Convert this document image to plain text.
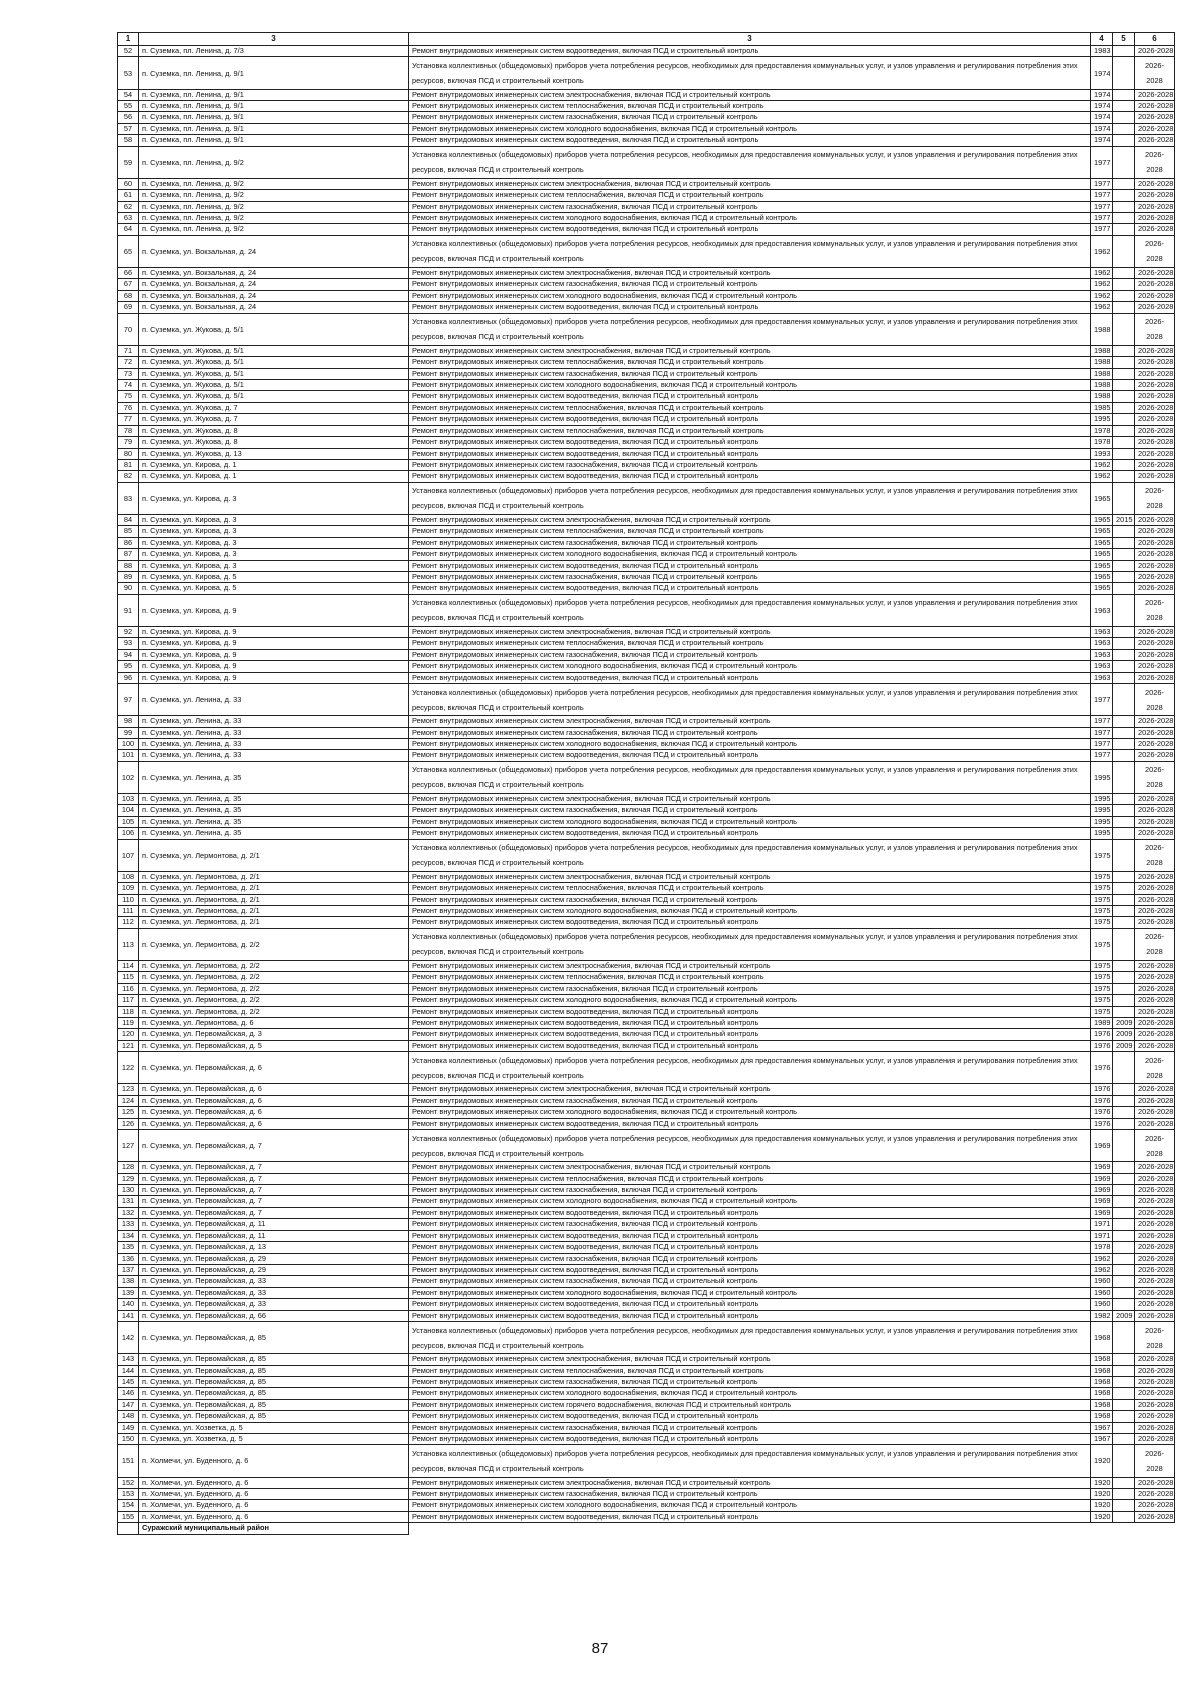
1	3	3	4	5	6	
52	п. Суземка, пл. Ленина, д. 7/3	Ремонт внутридомовых инженерных систем водоотведения, включая ПСД и строительный контроль	1983		2026-2028	
53	п. Суземка, пл. Ленина, д. 9/1	Установка коллективных (общедомовых) приборов учета потребления ресурсов, необходимых для предоставления коммунальных услуг, и узлов управления и регулирования потребления этих ресурсов, включая ПСД и строительный контроль	1974		2026-2028	
54	п. Суземка, пл. Ленина, д. 9/1	Ремонт внутридомовых инженерных систем электроснабжения, включая ПСД и строительный контроль	1974		2026-2028	
55	п. Суземка, пл. Ленина, д. 9/1	Ремонт внутридомовых инженерных систем теплоснабжения, включая ПСД и строительный контроль	1974		2026-2028	
56	п. Суземка, пл. Ленина, д. 9/1	Ремонт внутридомовых инженерных систем газоснабжения, включая ПСД и строительный контроль	1974		2026-2028	
57	п. Суземка, пл. Ленина, д. 9/1	Ремонт внутридомовых инженерных систем холодного водоснабжения, включая ПСД и строительный контроль	1974		2026-2028	
58	п. Суземка, пл. Ленина, д. 9/1	Ремонт внутридомовых инженерных систем водоотведения, включая ПСД и строительный контроль	1974		2026-2028	
59	п. Суземка, пл. Ленина, д. 9/2	Установка коллективных (общедомовых) приборов учета потребления ресурсов, необходимых для предоставления коммунальных услуг, и узлов управления и регулирования потребления этих ресурсов, включая ПСД и строительный контроль	1977		2026-2028	
60	п. Суземка, пл. Ленина, д. 9/2	Ремонт внутридомовых инженерных систем электроснабжения, включая ПСД и строительный контроль	1977		2026-2028	
61	п. Суземка, пл. Ленина, д. 9/2	Ремонт внутридомовых инженерных систем теплоснабжения, включая ПСД и строительный контроль	1977		2026-2028	
62	п. Суземка, пл. Ленина, д. 9/2	Ремонт внутридомовых инженерных систем газоснабжения, включая ПСД и строительный контроль	1977		2026-2028	
63	п. Суземка, пл. Ленина, д. 9/2	Ремонт внутридомовых инженерных систем холодного водоснабжения, включая ПСД и строительный контроль	1977		2026-2028	
64	п. Суземка, пл. Ленина, д. 9/2	Ремонт внутридомовых инженерных систем водоотведения, включая ПСД и строительный контроль	1977		2026-2028	
65	п. Суземка, ул. Вокзальная, д. 24	Установка коллективных (общедомовых) приборов учета потребления ресурсов, необходимых для предоставления коммунальных услуг, и узлов управления и регулирования потребления этих ресурсов, включая ПСД и строительный контроль	1962		2026-2028	
66	п. Суземка, ул. Вокзальная, д. 24	Ремонт внутридомовых инженерных систем электроснабжения, включая ПСД и строительный контроль	1962		2026-2028	
67	п. Суземка, ул. Вокзальная, д. 24	Ремонт внутридомовых инженерных систем газоснабжения, включая ПСД и строительный контроль	1962		2026-2028	
68	п. Суземка, ул. Вокзальная, д. 24	Ремонт внутридомовых инженерных систем холодного водоснабжения, включая ПСД и строительный контроль	1962		2026-2028	
69	п. Суземка, ул. Вокзальная, д. 24	Ремонт внутридомовых инженерных систем водоотведения, включая ПСД и строительный контроль	1962		2026-2028	
70	п. Суземка, ул. Жукова, д. 5/1	Установка коллективных (общедомовых) приборов учета потребления ресурсов, необходимых для предоставления коммунальных услуг, и узлов управления и регулирования потребления этих ресурсов, включая ПСД и строительный контроль	1988		2026-2028	
71	п. Суземка, ул. Жукова, д. 5/1	Ремонт внутридомовых инженерных систем электроснабжения, включая ПСД и строительный контроль	1988		2026-2028	
72	п. Суземка, ул. Жукова, д. 5/1	Ремонт внутридомовых инженерных систем теплоснабжения, включая ПСД и строительный контроль	1988		2026-2028	
73	п. Суземка, ул. Жукова, д. 5/1	Ремонт внутридомовых инженерных систем газоснабжения, включая ПСД и строительный контроль	1988		2026-2028	
74	п. Суземка, ул. Жукова, д. 5/1	Ремонт внутридомовых инженерных систем холодного водоснабжения, включая ПСД и строительный контроль	1988		2026-2028	
75	п. Суземка, ул. Жукова, д. 5/1	Ремонт внутридомовых инженерных систем водоотведения, включая ПСД и строительный контроль	1988		2026-2028	
76	п. Суземка, ул. Жукова, д. 7	Ремонт внутридомовых инженерных систем теплоснабжения, включая ПСД и строительный контроль	1985		2026-2028	
77	п. Суземка, ул. Жукова, д. 7	Ремонт внутридомовых инженерных систем водоотведения, включая ПСД и строительный контроль	1995		2026-2028	
78	п. Суземка, ул. Жукова, д. 8	Ремонт внутридомовых инженерных систем теплоснабжения, включая ПСД и строительный контроль	1978		2026-2028	
79	п. Суземка, ул. Жукова, д. 8	Ремонт внутридомовых инженерных систем водоотведения, включая ПСД и строительный контроль	1978		2026-2028	
80	п. Суземка, ул. Жукова, д. 13	Ремонт внутридомовых инженерных систем водоотведения, включая ПСД и строительный контроль	1993		2026-2028	
81	п. Суземка, ул. Кирова, д. 1	Ремонт внутридомовых инженерных систем газоснабжения, включая ПСД и строительный контроль	1962		2026-2028	
82	п. Суземка, ул. Кирова, д. 1	Ремонт внутридомовых инженерных систем водоотведения, включая ПСД и строительный контроль	1962		2026-2028	
83	п. Суземка, ул. Кирова, д. 3	Установка коллективных (общедомовых) приборов учета потребления ресурсов, необходимых для предоставления коммунальных услуг, и узлов управления и регулирования потребления этих ресурсов, включая ПСД и строительный контроль	1965		2026-2028	
84	п. Суземка, ул. Кирова, д. 3	Ремонт внутридомовых инженерных систем электроснабжения, включая ПСД и строительный контроль	1965	2015	2026-2028	
85	п. Суземка, ул. Кирова, д. 3	Ремонт внутридомовых инженерных систем теплоснабжения, включая ПСД и строительный контроль	1965		2026-2028	
86	п. Суземка, ул. Кирова, д. 3	Ремонт внутридомовых инженерных систем газоснабжения, включая ПСД и строительный контроль	1965		2026-2028	
87	п. Суземка, ул. Кирова, д. 3	Ремонт внутридомовых инженерных систем холодного водоснабжения, включая ПСД и строительный контроль	1965		2026-2028	
88	п. Суземка, ул. Кирова, д. 3	Ремонт внутридомовых инженерных систем водоотведения, включая ПСД и строительный контроль	1965		2026-2028	
89	п. Суземка, ул. Кирова, д. 5	Ремонт внутридомовых инженерных систем газоснабжения, включая ПСД и строительный контроль	1965		2026-2028	
90	п. Суземка, ул. Кирова, д. 5	Ремонт внутридомовых инженерных систем водоотведения, включая ПСД и строительный контроль	1965		2026-2028	
91	п. Суземка, ул. Кирова, д. 9	Установка коллективных (общедомовых) приборов учета потребления ресурсов, необходимых для предоставления коммунальных услуг, и узлов управления и регулирования потребления этих ресурсов, включая ПСД и строительный контроль	1963		2026-2028	
92	п. Суземка, ул. Кирова, д. 9	Ремонт внутридомовых инженерных систем электроснабжения, включая ПСД и строительный контроль	1963		2026-2028	
93	п. Суземка, ул. Кирова, д. 9	Ремонт внутридомовых инженерных систем теплоснабжения, включая ПСД и строительный контроль	1963		2026-2028	
94	п. Суземка, ул. Кирова, д. 9	Ремонт внутридомовых инженерных систем газоснабжения, включая ПСД и строительный контроль	1963		2026-2028	
95	п. Суземка, ул. Кирова, д. 9	Ремонт внутридомовых инженерных систем холодного водоснабжения, включая ПСД и строительный контроль	1963		2026-2028	
96	п. Суземка, ул. Кирова, д. 9	Ремонт внутридомовых инженерных систем водоотведения, включая ПСД и строительный контроль	1963		2026-2028	
97	п. Суземка, ул. Ленина, д. 33	Установка коллективных (общедомовых) приборов учета потребления ресурсов, необходимых для предоставления коммунальных услуг, и узлов управления и регулирования потребления этих ресурсов, включая ПСД и строительный контроль	1977		2026-2028	
98	п. Суземка, ул. Ленина, д. 33	Ремонт внутридомовых инженерных систем электроснабжения, включая ПСД и строительный контроль	1977		2026-2028	
99	п. Суземка, ул. Ленина, д. 33	Ремонт внутридомовых инженерных систем газоснабжения, включая ПСД и строительный контроль	1977		2026-2028	
100	п. Суземка, ул. Ленина, д. 33	Ремонт внутридомовых инженерных систем холодного водоснабжения, включая ПСД и строительный контроль	1977		2026-2028	
101	п. Суземка, ул. Ленина, д. 33	Ремонт внутридомовых инженерных систем водоотведения, включая ПСД и строительный контроль	1977		2026-2028	
102	п. Суземка, ул. Ленина, д. 35	Установка коллективных (общедомовых) приборов учета потребления ресурсов, необходимых для предоставления коммунальных услуг, и узлов управления и регулирования потребления этих ресурсов, включая ПСД и строительный контроль	1995		2026-2028	
103	п. Суземка, ул. Ленина, д. 35	Ремонт внутридомовых инженерных систем электроснабжения, включая ПСД и строительный контроль	1995		2026-2028	
104	п. Суземка, ул. Ленина, д. 35	Ремонт внутридомовых инженерных систем газоснабжения, включая ПСД и строительный контроль	1995		2026-2028	
105	п. Суземка, ул. Ленина, д. 35	Ремонт внутридомовых инженерных систем холодного водоснабжения, включая ПСД и строительный контроль	1995		2026-2028	
106	п. Суземка, ул. Ленина, д. 35	Ремонт внутридомовых инженерных систем водоотведения, включая ПСД и строительный контроль	1995		2026-2028	
107	п. Суземка, ул. Лермонтова, д. 2/1	Установка коллективных (общедомовых) приборов учета потребления ресурсов, необходимых для предоставления коммунальных услуг, и узлов управления и регулирования потребления этих ресурсов, включая ПСД и строительный контроль	1975		2026-2028	
108	п. Суземка, ул. Лермонтова, д. 2/1	Ремонт внутридомовых инженерных систем электроснабжения, включая ПСД и строительный контроль	1975		2026-2028	
109	п. Суземка, ул. Лермонтова, д. 2/1	Ремонт внутридомовых инженерных систем теплоснабжения, включая ПСД и строительный контроль	1975		2026-2028	
110	п. Суземка, ул. Лермонтова, д. 2/1	Ремонт внутридомовых инженерных систем газоснабжения, включая ПСД и строительный контроль	1975		2026-2028	
111	п. Суземка, ул. Лермонтова, д. 2/1	Ремонт внутридомовых инженерных систем холодного водоснабжения, включая ПСД и строительный контроль	1975		2026-2028	
112	п. Суземка, ул. Лермонтова, д. 2/1	Ремонт внутридомовых инженерных систем водоотведения, включая ПСД и строительный контроль	1975		2026-2028	
113	п. Суземка, ул. Лермонтова, д. 2/2	Установка коллективных (общедомовых) приборов учета потребления ресурсов, необходимых для предоставления коммунальных услуг, и узлов управления и регулирования потребления этих ресурсов, включая ПСД и строительный контроль	1975		2026-2028	
114	п. Суземка, ул. Лермонтова, д. 2/2	Ремонт внутридомовых инженерных систем электроснабжения, включая ПСД и строительный контроль	1975		2026-2028	
115	п. Суземка, ул. Лермонтова, д. 2/2	Ремонт внутридомовых инженерных систем теплоснабжения, включая ПСД и строительный контроль	1975		2026-2028	
116	п. Суземка, ул. Лермонтова, д. 2/2	Ремонт внутридомовых инженерных систем газоснабжения, включая ПСД и строительный контроль	1975		2026-2028	
117	п. Суземка, ул. Лермонтова, д. 2/2	Ремонт внутридомовых инженерных систем холодного водоснабжения, включая ПСД и строительный контроль	1975		2026-2028	
118	п. Суземка, ул. Лермонтова, д. 2/2	Ремонт внутридомовых инженерных систем водоотведения, включая ПСД и строительный контроль	1975		2026-2028	
119	п. Суземка, ул. Лермонтова, д. 6	Ремонт внутридомовых инженерных систем водоотведения, включая ПСД и строительный контроль	1989	2009	2026-2028	
120	п. Суземка, ул. Первомайская, д. 3	Ремонт внутридомовых инженерных систем водоотведения, включая ПСД и строительный контроль	1976	2009	2026-2028	
121	п. Суземка, ул. Первомайская, д. 5	Ремонт внутридомовых инженерных систем водоотведения, включая ПСД и строительный контроль	1976	2009	2026-2028	
122	п. Суземка, ул. Первомайская, д. 6	Установка коллективных (общедомовых) приборов учета потребления ресурсов, необходимых для предоставления коммунальных услуг, и узлов управления и регулирования потребления этих ресурсов, включая ПСД и строительный контроль	1976		2026-2028	
123	п. Суземка, ул. Первомайская, д. 6	Ремонт внутридомовых инженерных систем электроснабжения, включая ПСД и строительный контроль	1976		2026-2028	
124	п. Суземка, ул. Первомайская, д. 6	Ремонт внутридомовых инженерных систем газоснабжения, включая ПСД и строительный контроль	1976		2026-2028	
125	п. Суземка, ул. Первомайская, д. 6	Ремонт внутридомовых инженерных систем холодного водоснабжения, включая ПСД и строительный контроль	1976		2026-2028	
126	п. Суземка, ул. Первомайская, д. 6	Ремонт внутридомовых инженерных систем водоотведения, включая ПСД и строительный контроль	1976		2026-2028	
127	п. Суземка, ул. Первомайская, д. 7	Установка коллективных (общедомовых) приборов учета потребления ресурсов, необходимых для предоставления коммунальных услуг, и узлов управления и регулирования потребления этих ресурсов, включая ПСД и строительный контроль	1969		2026-2028	
128	п. Суземка, ул. Первомайская, д. 7	Ремонт внутридомовых инженерных систем электроснабжения, включая ПСД и строительный контроль	1969		2026-2028	
129	п. Суземка, ул. Первомайская, д. 7	Ремонт внутридомовых инженерных систем теплоснабжения, включая ПСД и строительный контроль	1969		2026-2028	
130	п. Суземка, ул. Первомайская, д. 7	Ремонт внутридомовых инженерных систем газоснабжения, включая ПСД и строительный контроль	1969		2026-2028	
131	п. Суземка, ул. Первомайская, д. 7	Ремонт внутридомовых инженерных систем холодного водоснабжения, включая ПСД и строительный контроль	1969		2026-2028	
132	п. Суземка, ул. Первомайская, д. 7	Ремонт внутридомовых инженерных систем водоотведения, включая ПСД и строительный контроль	1969		2026-2028	
133	п. Суземка, ул. Первомайская, д. 11	Ремонт внутридомовых инженерных систем газоснабжения, включая ПСД и строительный контроль	1971		2026-2028	
134	п. Суземка, ул. Первомайская, д. 11	Ремонт внутридомовых инженерных систем водоотведения, включая ПСД и строительный контроль	1971		2026-2028	
135	п. Суземка, ул. Первомайская, д. 13	Ремонт внутридомовых инженерных систем водоотведения, включая ПСД и строительный контроль	1978		2026-2028	
136	п. Суземка, ул. Первомайская, д. 29	Ремонт внутридомовых инженерных систем газоснабжения, включая ПСД и строительный контроль	1962		2026-2028	
137	п. Суземка, ул. Первомайская, д. 29	Ремонт внутридомовых инженерных систем водоотведения, включая ПСД и строительный контроль	1962		2026-2028	
138	п. Суземка, ул. Первомайская, д. 33	Ремонт внутридомовых инженерных систем газоснабжения, включая ПСД и строительный контроль	1960		2026-2028	
139	п. Суземка, ул. Первомайская, д. 33	Ремонт внутридомовых инженерных систем холодного водоснабжения, включая ПСД и строительный контроль	1960		2026-2028	
140	п. Суземка, ул. Первомайская, д. 33	Ремонт внутридомовых инженерных систем водоотведения, включая ПСД и строительный контроль	1960		2026-2028	
141	п. Суземка, ул. Первомайская, д. 66	Ремонт внутридомовых инженерных систем водоотведения, включая ПСД и строительный контроль	1982	2009	2026-2028	
142	п. Суземка, ул. Первомайская, д. 85	Установка коллективных (общедомовых) приборов учета потребления ресурсов, необходимых для предоставления коммунальных услуг, и узлов управления и регулирования потребления этих ресурсов, включая ПСД и строительный контроль	1968		2026-2028	
143	п. Суземка, ул. Первомайская, д. 85	Ремонт внутридомовых инженерных систем электроснабжения, включая ПСД и строительный контроль	1968		2026-2028	
144	п. Суземка, ул. Первомайская, д. 85	Ремонт внутридомовых инженерных систем теплоснабжения, включая ПСД и строительный контроль	1968		2026-2028	
145	п. Суземка, ул. Первомайская, д. 85	Ремонт внутридомовых инженерных систем газоснабжения, включая ПСД и строительный контроль	1968		2026-2028	
146	п. Суземка, ул. Первомайская, д. 85	Ремонт внутридомовых инженерных систем холодного водоснабжения, включая ПСД и строительный контроль	1968		2026-2028	
147	п. Суземка, ул. Первомайская, д. 85	Ремонт внутридомовых инженерных систем горячего водоснабжения, включая ПСД и строительный контроль	1968		2026-2028	
148	п. Суземка, ул. Первомайская, д. 85	Ремонт внутридомовых инженерных систем водоотведения, включая ПСД и строительный контроль	1968		2026-2028	
149	п. Суземка, ул. Хозветка, д. 5	Ремонт внутридомовых инженерных систем газоснабжения, включая ПСД и строительный контроль	1967		2026-2028	
150	п. Суземка, ул. Хозветка, д. 5	Ремонт внутридомовых инженерных систем водоотведения, включая ПСД и строительный контроль	1967		2026-2028	
151	п. Холмечи, ул. Буденного, д. 6	Установка коллективных (общедомовых) приборов учета потребления ресурсов, необходимых для предоставления коммунальных услуг, и узлов управления и регулирования потребления этих ресурсов, включая ПСД и строительный контроль	1920		2026-2028	
152	п. Холмечи, ул. Буденного, д. 6	Ремонт внутридомовых инженерных систем электроснабжения, включая ПСД и строительный контроль	1920		2026-2028	
153	п. Холмечи, ул. Буденного, д. 6	Ремонт внутридомовых инженерных систем газоснабжения, включая ПСД и строительный контроль	1920		2026-2028	
154	п. Холмечи, ул. Буденного, д. 6	Ремонт внутридомовых инженерных систем холодного водоснабжения, включая ПСД и строительный контроль	1920		2026-2028	
155	п. Холмечи, ул. Буденного, д. 6	Ремонт внутридомовых инженерных систем водоотведения, включая ПСД и строительный контроль	1920		2026-2028	
	Суражский муниципальный район					
87
